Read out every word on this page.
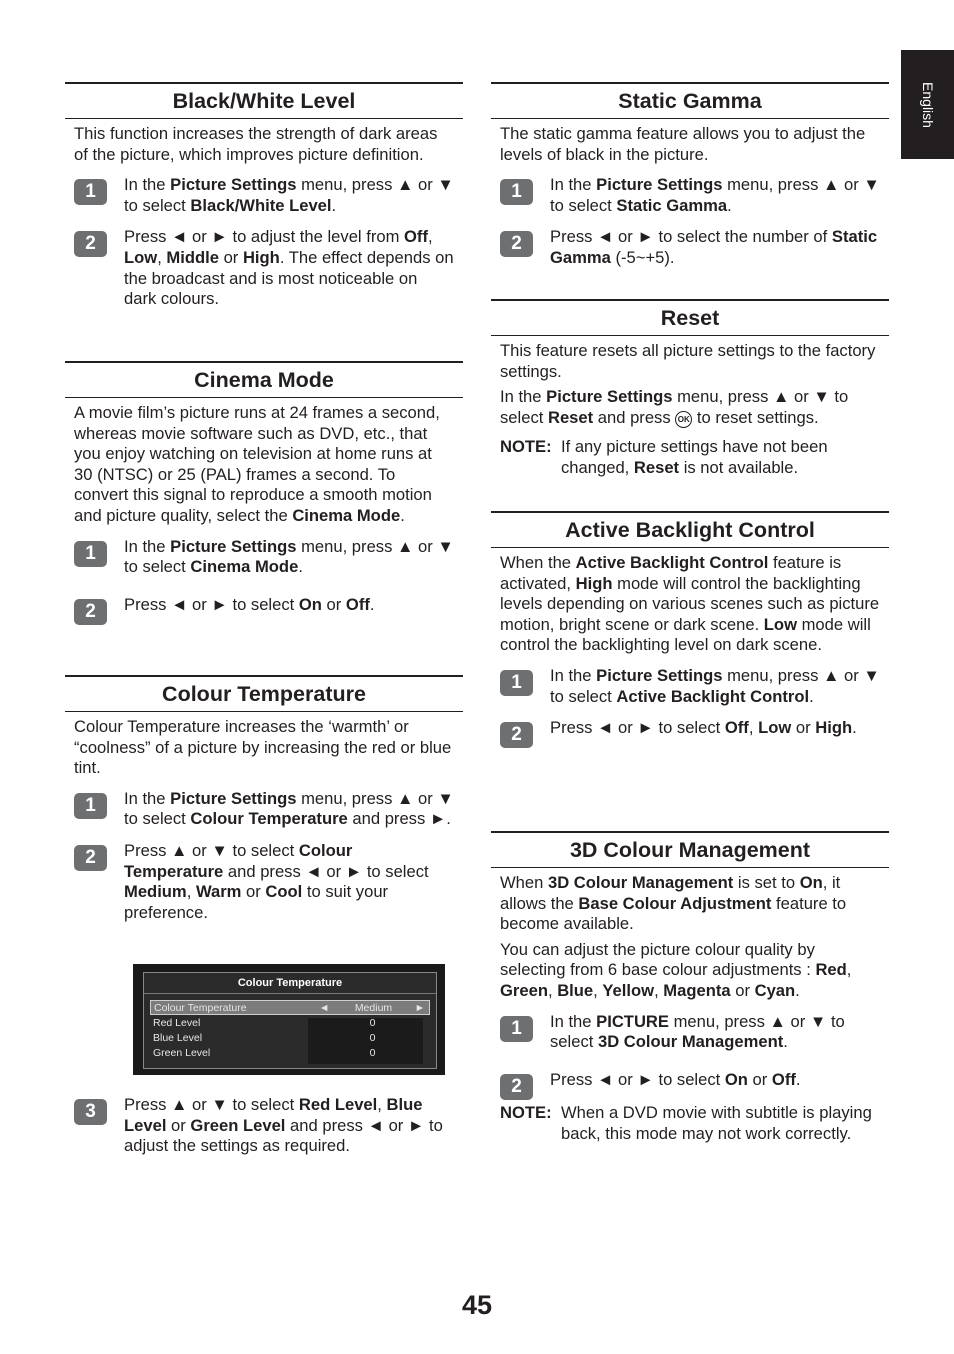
English
Black/White Level

This function increases the strength of dark areas of the picture, which improves picture definition.

1	In the Picture Settings menu, press ▲ or ▼ to select Black/White Level.
2	Press ◄ or ► to adjust the level from Off, Low, Middle or High. The effect depends on the broadcast and is most noticeable on dark colours.
Cinema Mode

A movie film’s picture runs at 24 frames a second, whereas movie software such as DVD, etc., that you enjoy watching on television at home runs at 30 (NTSC) or 25 (PAL) frames a second. To convert this signal to reproduce a smooth motion and picture quality, select the Cinema Mode.

1	In the Picture Settings menu, press ▲ or ▼ to select Cinema Mode.
2	Press ◄ or ► to select On or Off.
Colour Temperature

Colour Temperature increases the ‘warmth’ or “coolness” of a picture by increasing the red or blue tint.

1	In the Picture Settings menu, press ▲ or ▼ to select Colour Temperature and press ►.
2	Press ▲ or ▼ to select Colour Temperature and press ◄ or ► to select Medium, Warm or Cool to suit your preference.
3	Press ▲ or ▼ to select Red Level, Blue Level or Green Level and press ◄ or ► to adjust the settings as required.
Colour Temperature
Colour Temperature	◄	Medium	►
Red Level	0
Blue Level	0
Green Level	0
Static Gamma

The static gamma feature allows you to adjust the levels of black in the picture.

1	In the Picture Settings menu, press ▲ or ▼ to select Static Gamma.
2	Press ◄ or ► to select the number of Static Gamma (-5~+5).
Reset

This feature resets all picture settings to the factory settings.

In the Picture Settings menu, press ▲ or ▼ to select Reset and press OK to reset settings.

NOTE: If any picture settings have not been changed, Reset is not available.
Active Backlight Control

When the Active Backlight Control feature is activated, High mode will control the backlighting levels depending on various scenes such as picture motion, bright scene or dark scene. Low mode will control the backlighting level on dark scene.

1	In the Picture Settings menu, press ▲ or ▼ to select Active Backlight Control.
2	Press ◄ or ► to select Off, Low or High.
3D Colour Management

When 3D Colour Management is set to On, it allows the Base Colour Adjustment feature to become available.

You can adjust the picture colour quality by selecting from 6 base colour adjustments : Red, Green, Blue, Yellow, Magenta or Cyan.

1	In the PICTURE menu, press ▲ or ▼ to select 3D Colour Management.
2	Press ◄ or ► to select On or Off.
NOTE: When a DVD movie with subtitle is playing back, this mode may not work correctly.
45
